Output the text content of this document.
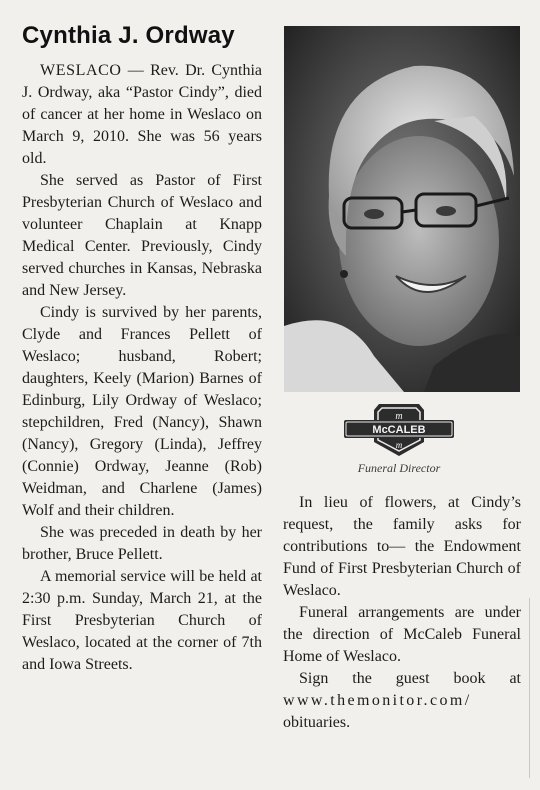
Cynthia J. Ordway

WESLACO — Rev. Dr. Cynthia J. Ordway, aka “Pastor Cindy”, died of cancer at her home in Weslaco on March 9, 2010. She was 56 years old.

She served as Pastor of First Presbyterian Church of Weslaco and volunteer Chaplain at Knapp Medical Center. Previously, Cindy served churches in Kansas, Nebraska and New Jersey.

Cindy is survived by her parents, Clyde and Frances Pellett of Weslaco; husband, Robert; daughters, Keely (Marion) Barnes of Edinburg, Lily Ordway of Weslaco; stepchildren, Fred (Nancy), Shawn (Nancy), Gregory (Linda), Jeffrey (Connie) Ordway, Jeanne (Rob) Weidman, and Charlene (James) Wolf and their children.

She was preceded in death by her brother, Bruce Pellett.

A memorial service will be held at 2:30 p.m. Sunday, March 21, at the First Presbyterian Church of Weslaco, located at the corner of 7th and Iowa Streets.

McCALEB
m
m
Funeral Director

In lieu of flowers, at Cindy’s request, the family asks for contributions to— the Endowment Fund of First Presbyterian Church of Weslaco.

Funeral arrangements are under the direction of McCaleb Funeral Home of Weslaco.

Sign the guest book at www.themonitor.com/ obituaries.
